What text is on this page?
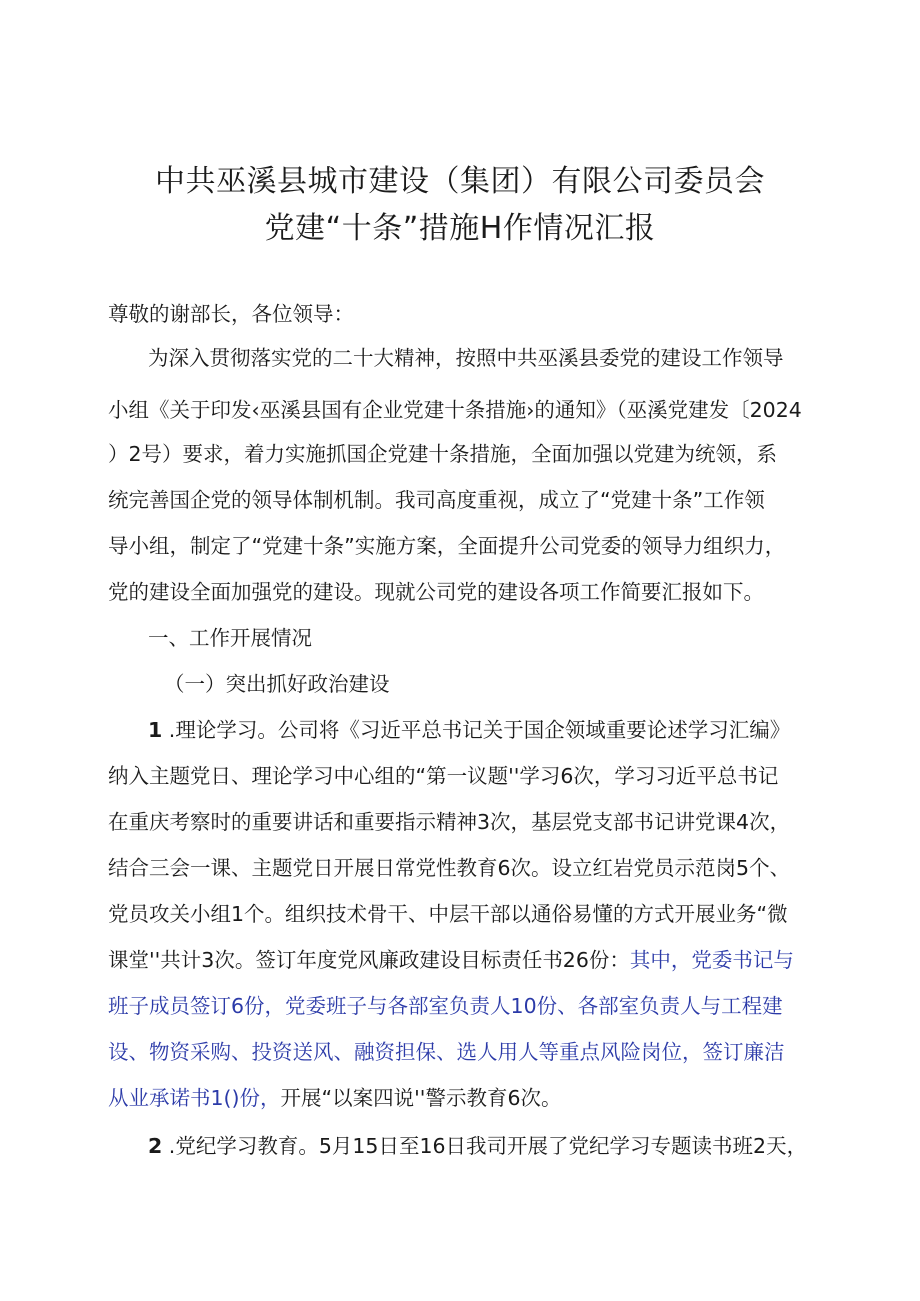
中共巫溪县城市建设（集团）有限公司委员会
党建“十条”措施H作情况汇报
尊敬的谢部长，各位领导：
为深入贯彻落实党的二十大精神，按照中共巫溪县委党的建设工作领导
小组《关于印发‹巫溪县国有企业党建十条措施›的通知》（巫溪党建发〔2024
）2号）要求，着力实施抓国企党建十条措施，全面加强以党建为统领，系
统完善国企党的领导体制机制。我司高度重视，成立了“党建十条”工作领
导小组，制定了“党建十条”实施方案，全面提升公司党委的领导力组织力，
党的建设全面加强党的建设。现就公司党的建设各项工作简要汇报如下。
一、工作开展情况
（一）突出抓好政治建设
1 .理论学习。公司将《习近平总书记关于国企领域重要论述学习汇编》
纳入主题党日、理论学习中心组的“第一议题''学习6次，学习习近平总书记
在重庆考察时的重要讲话和重要指示精神3次，基层党支部书记讲党课4次，
结合三会一课、主题党日开展日常党性教育6次。设立红岩党员示范岗5个、
党员攻关小组1个。组织技术骨干、中层干部以通俗易懂的方式开展业务“微
课堂''共计3次。签订年度党风廉政建设目标责任书26份：其中，党委书记与
班子成员签订6份，党委班子与各部室负责人10份、各部室负责人与工程建
设、物资采购、投资送风、融资担保、选人用人等重点风险岗位，签订廉洁
从业承诺书1()份，开展“以案四说''警示教育6次。
2 .党纪学习教育。5月15日至16日我司开展了党纪学习专题读书班2天，
